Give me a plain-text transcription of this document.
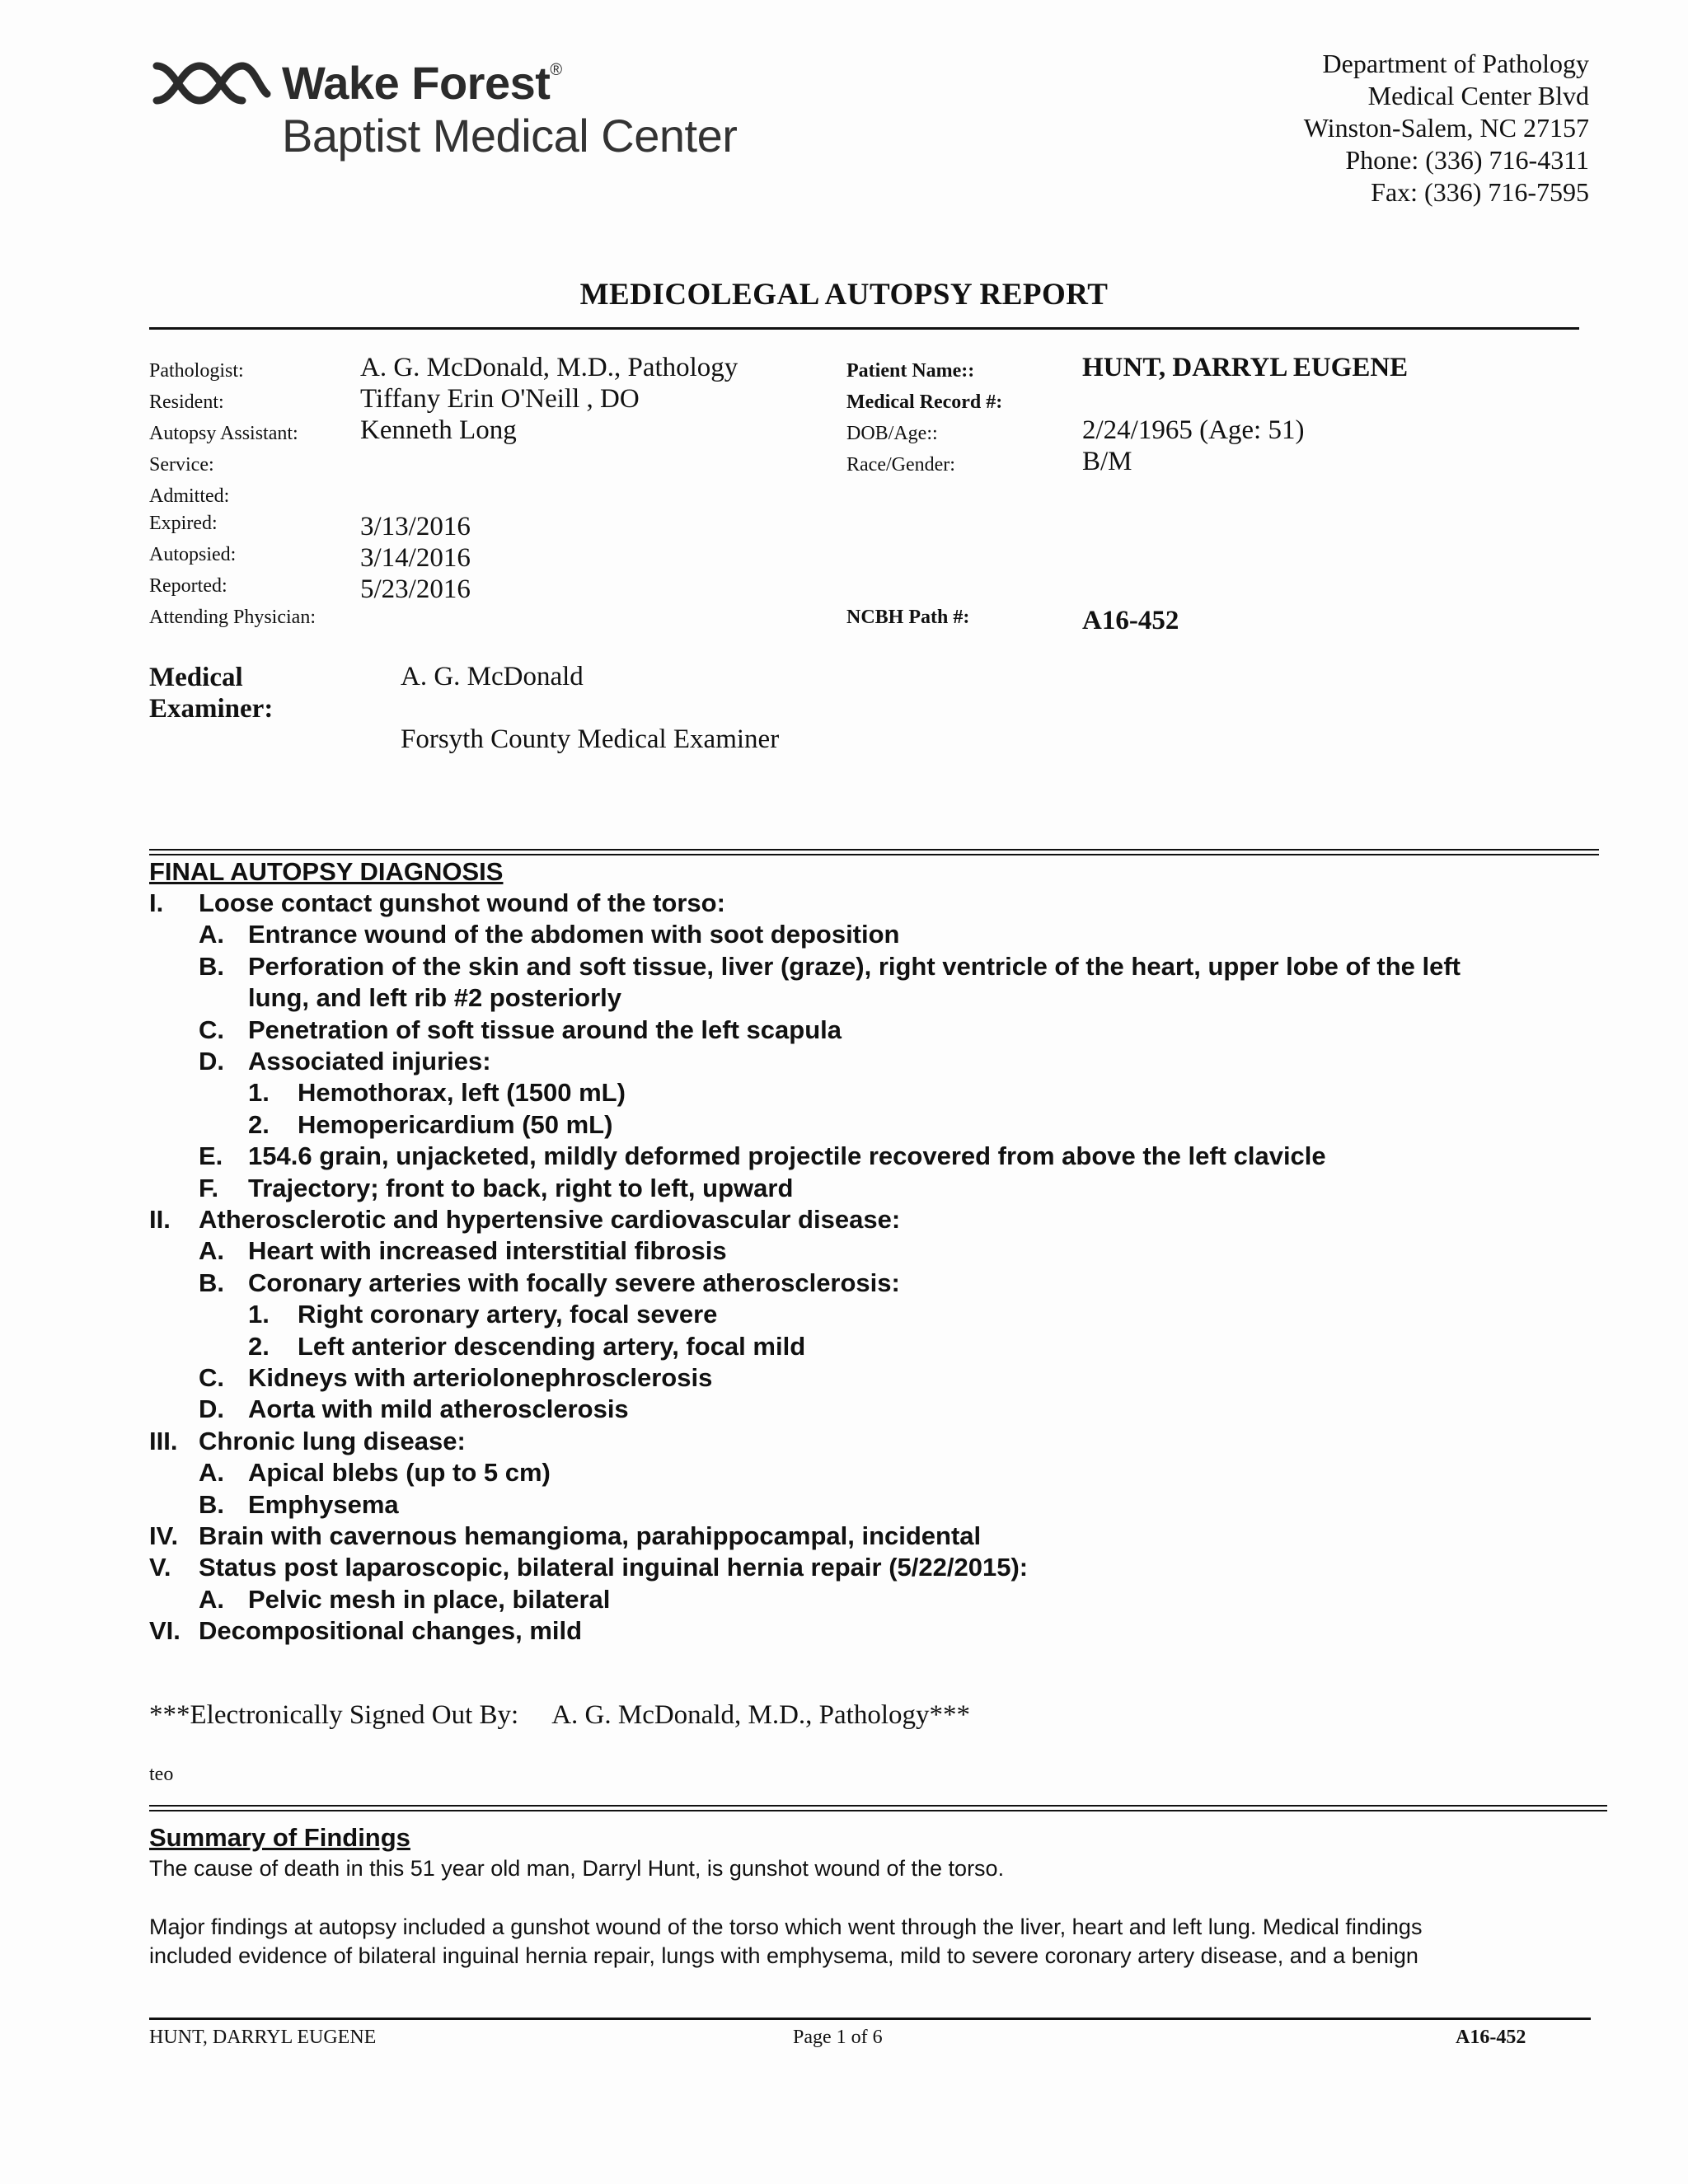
Wake Forest®
Baptist Medical Center
Department of Pathology
Medical Center Blvd
Winston-Salem, NC 27157
Phone: (336) 716-4311
Fax: (336) 716-7595
MEDICOLEGAL AUTOPSY REPORT
Pathologist:	A. G. McDonald, M.D., Pathology
Resident:	Tiffany Erin O'Neill , DO
Autopsy Assistant: Kenneth Long
Service:
Admitted:
Expired:	3/13/2016
Autopsied:	3/14/2016
Reported:	5/23/2016
Attending Physician:
Patient Name::	HUNT, DARRYL EUGENE
Medical Record #:
DOB/Age::	2/24/1965 (Age: 51)
Race/Gender:	B/M
NCBH Path #:	A16-452
Medical
Examiner:
A. G. McDonald
Forsyth County Medical Examiner
FINAL AUTOPSY DIAGNOSIS
I. Loose contact gunshot wound of the torso:
A. Entrance wound of the abdomen with soot deposition
B. Perforation of the skin and soft tissue, liver (graze), right ventricle of the heart, upper lobe of the left
lung, and left rib #2 posteriorly
C. Penetration of soft tissue around the left scapula
D. Associated injuries:
1. Hemothorax, left (1500 mL)
2. Hemopericardium (50 mL)
E. 154.6 grain, unjacketed, mildly deformed projectile recovered from above the left clavicle
F. Trajectory; front to back, right to left, upward
II. Atherosclerotic and hypertensive cardiovascular disease:
A. Heart with increased interstitial fibrosis
B. Coronary arteries with focally severe atherosclerosis:
1. Right coronary artery, focal severe
2. Left anterior descending artery, focal mild
C. Kidneys with arteriolonephrosclerosis
D. Aorta with mild atherosclerosis
III. Chronic lung disease:
A. Apical blebs (up to 5 cm)
B. Emphysema
IV. Brain with cavernous hemangioma, parahippocampal, incidental
V. Status post laparoscopic, bilateral inguinal hernia repair (5/22/2015):
A. Pelvic mesh in place, bilateral
VI. Decompositional changes, mild
***Electronically Signed Out By: A. G. McDonald, M.D., Pathology***
teo
Summary of Findings
The cause of death in this 51 year old man, Darryl Hunt, is gunshot wound of the torso.
Major findings at autopsy included a gunshot wound of the torso which went through the liver, heart and left lung. Medical findings
included evidence of bilateral inguinal hernia repair, lungs with emphysema, mild to severe coronary artery disease, and a benign
HUNT, DARRYL EUGENE	Page 1 of 6	A16-452
